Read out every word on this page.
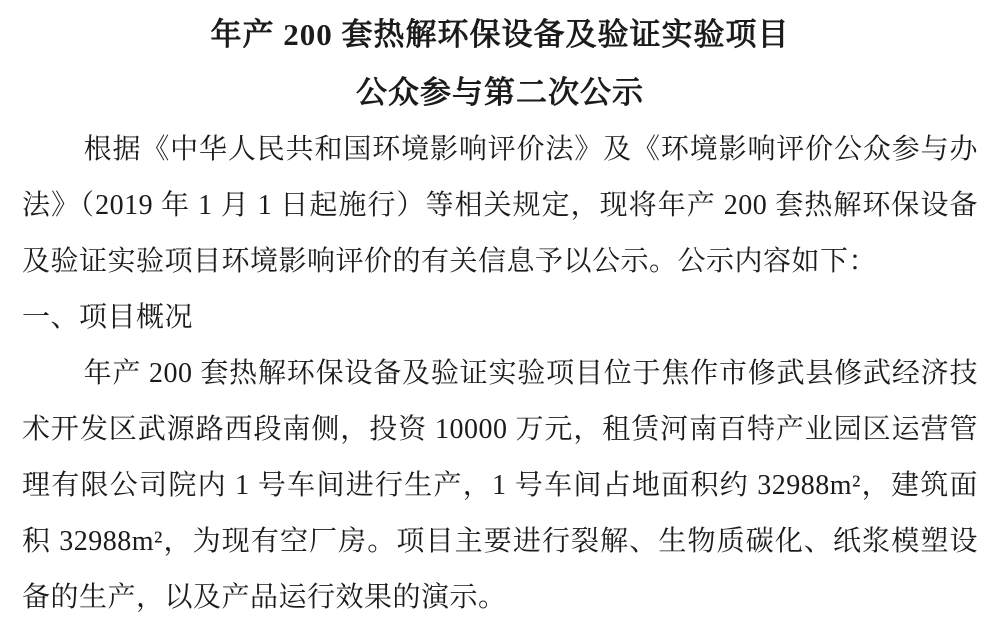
年产 200 套热解环保设备及验证实验项目
公众参与第二次公示

根据《中华人民共和国环境影响评价法》及《环境影响评价公众参与办法》（2019 年 1 月 1 日起施行）等相关规定，现将年产 200 套热解环保设备及验证实验项目环境影响评价的有关信息予以公示。公示内容如下：

一、项目概况

年产 200 套热解环保设备及验证实验项目位于焦作市修武县修武经济技术开发区武源路西段南侧，投资 10000 万元，租赁河南百特产业园区运营管理有限公司院内 1 号车间进行生产，1 号车间占地面积约 32988m²，建筑面积 32988m²，为现有空厂房。项目主要进行裂解、生物质碳化、纸浆模塑设备的生产，以及产品运行效果的演示。
